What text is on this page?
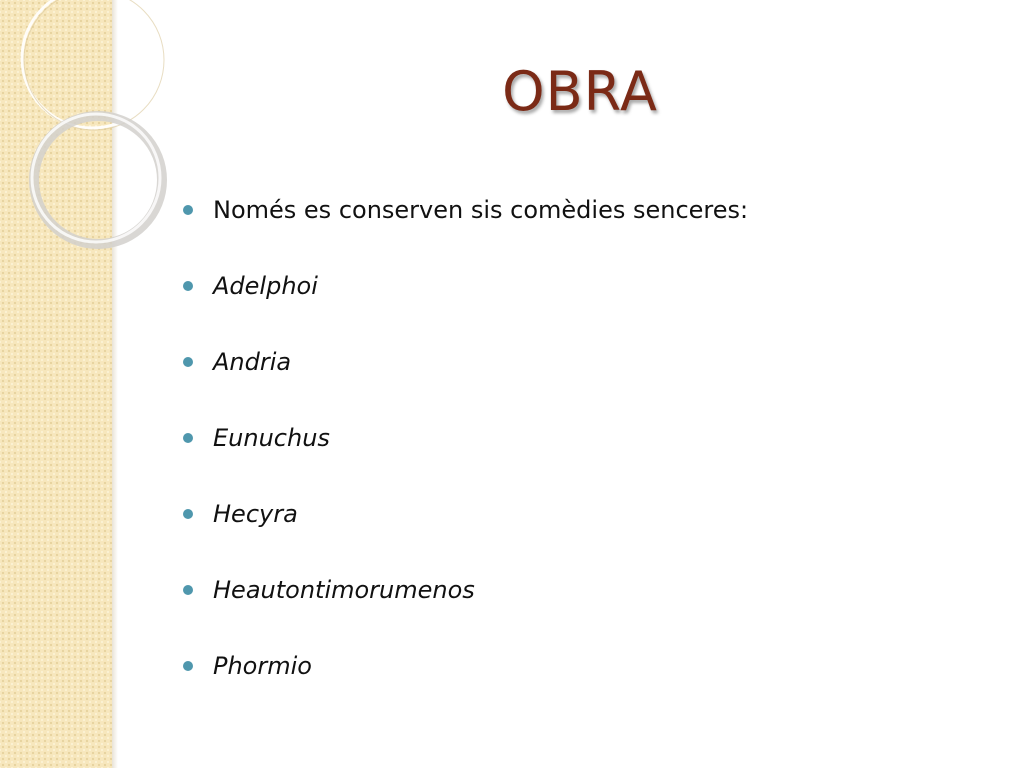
OBRA
Només es conserven sis comèdies senceres:
Adelphoi
Andria
Eunuchus
Hecyra
Heautontimorumenos
Phormio
